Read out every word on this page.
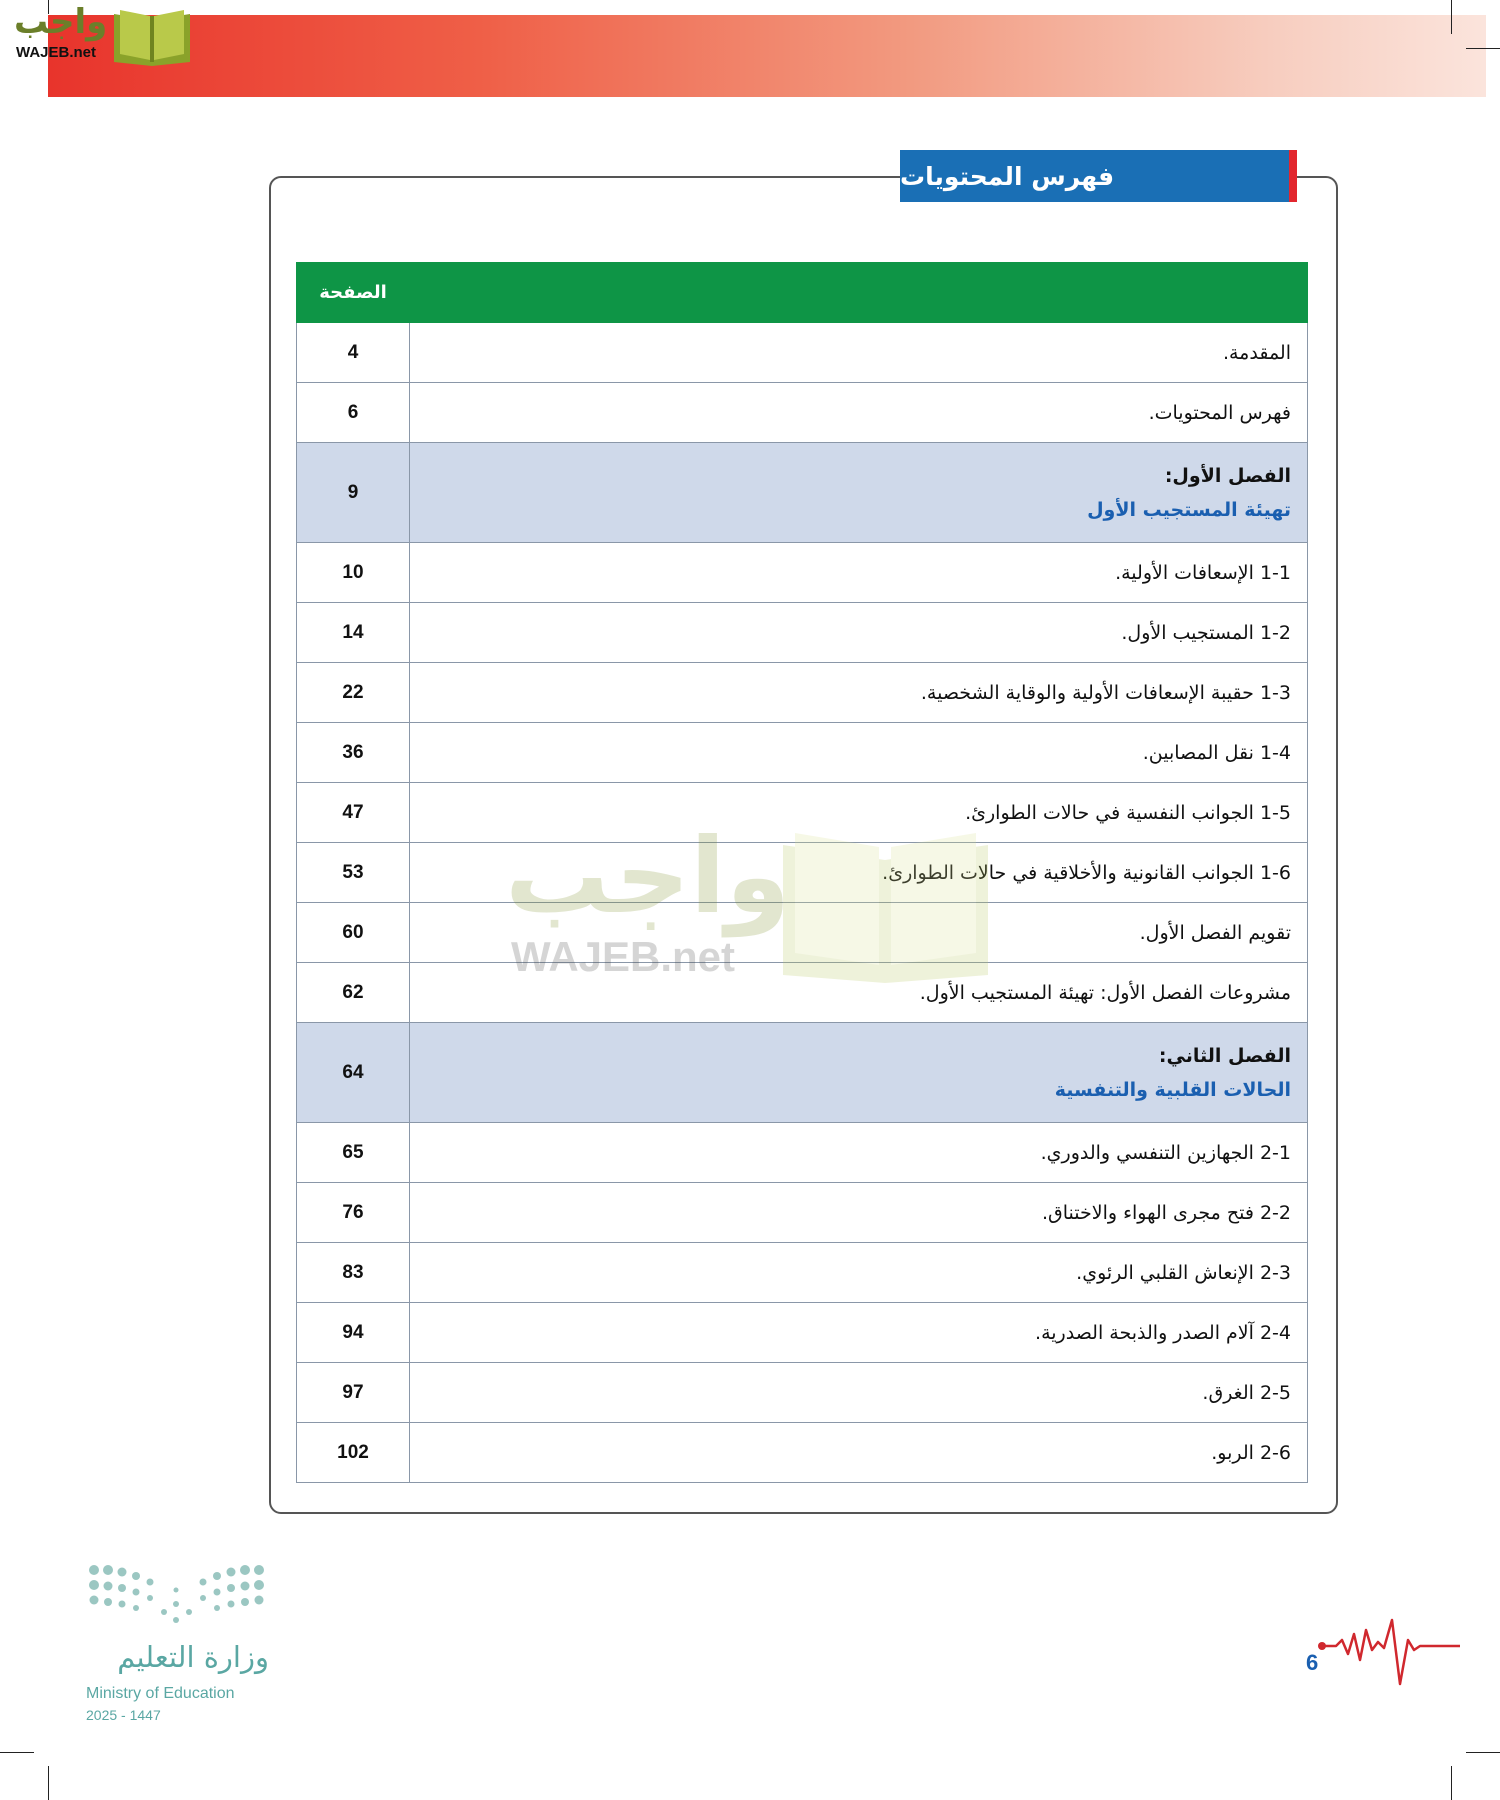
واجب
WAJEB.net
فهرس المحتويات
الصفحة	
4	المقدمة.
6	فهرس المحتويات.
9	الفصل الأول:
تهيئة المستجيب الأول

10	1-1 الإسعافات الأولية.
14	1-2 المستجيب الأول.
22	1-3 حقيبة الإسعافات الأولية والوقاية الشخصية.
36	1-4 نقل المصابين.
47	1-5 الجوانب النفسية في حالات الطوارئ.
53	1-6 الجوانب القانونية والأخلاقية في حالات الطوارئ.
60	تقويم الفصل الأول.
62	مشروعات الفصل الأول: تهيئة المستجيب الأول.
64	الفصل الثاني:
الحالات القلبية والتنفسية

65	2-1 الجهازين التنفسي والدوري.
76	2-2 فتح مجرى الهواء والاختناق.
83	2-3 الإنعاش القلبي الرئوي.
94	2-4 آلام الصدر والذبحة الصدرية.
97	2-5 الغرق.
102	2-6 الربو.
واجب
WAJEB.net
وزارة التعليم
Ministry of Education
2025 - 1447
6
